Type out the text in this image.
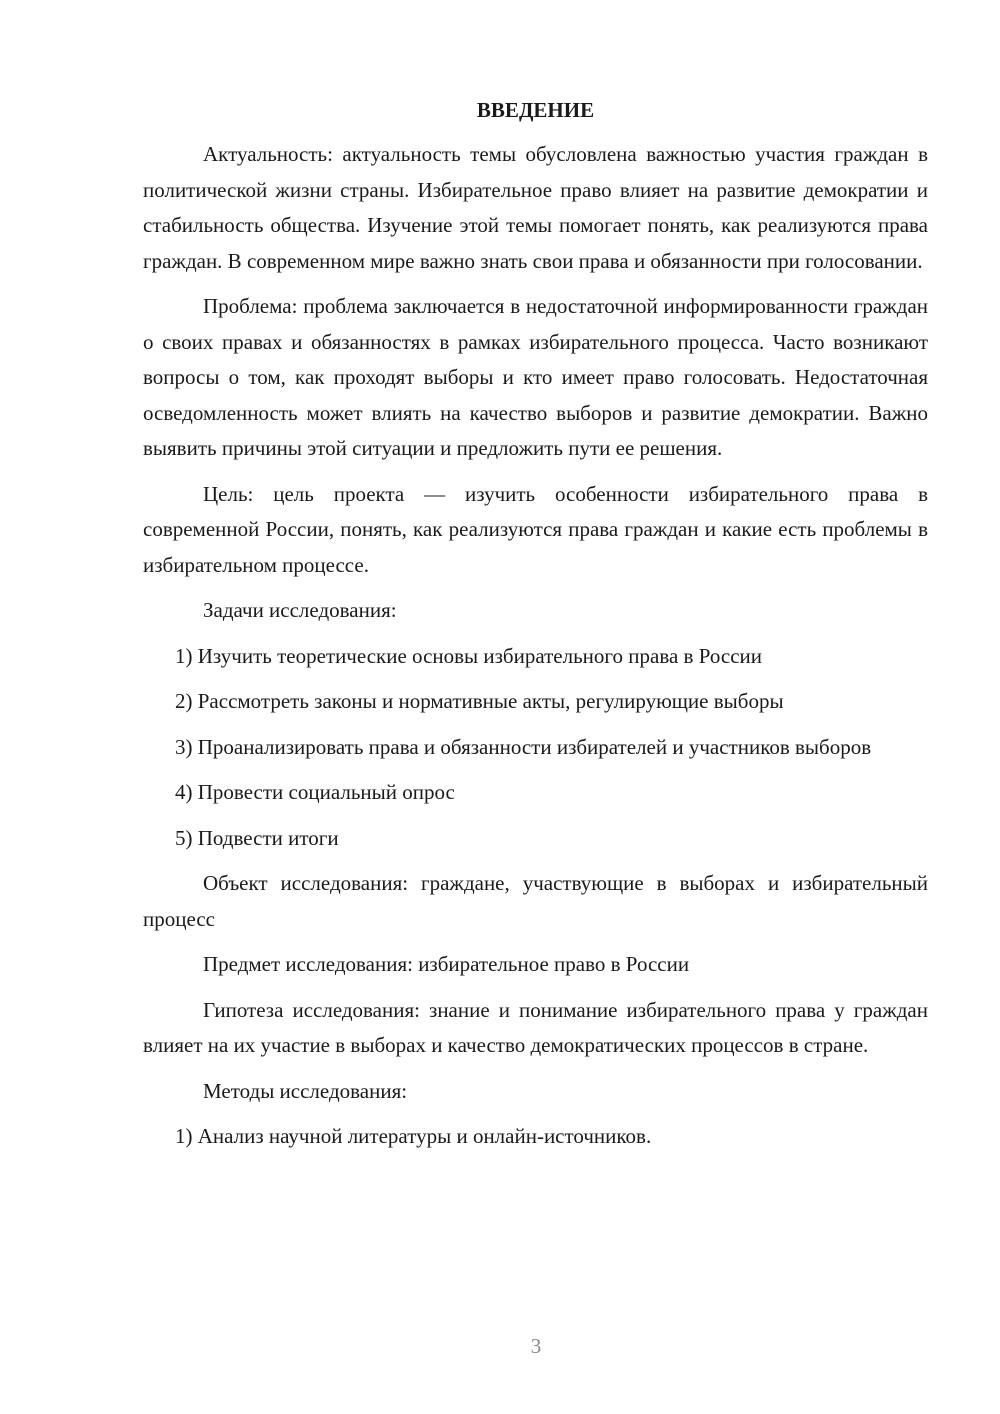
ВВЕДЕНИЕ

Актуальность: актуальность темы обусловлена важностью участия граждан в политической жизни страны. Избирательное право влияет на развитие демократии и стабильность общества. Изучение этой темы помогает понять, как реализуются права граждан. В современном мире важно знать свои права и обязанности при голосовании.

Проблема: проблема заключается в недостаточной информированности граждан о своих правах и обязанностях в рамках избирательного процесса. Часто возникают вопросы о том, как проходят выборы и кто имеет право голосовать. Недостаточная осведомленность может влиять на качество выборов и развитие демократии. Важно выявить причины этой ситуации и предложить пути ее решения.

Цель: цель проекта — изучить особенности избирательного права в современной России, понять, как реализуются права граждан и какие есть проблемы в избирательном процессе.

Задачи исследования:

1) Изучить теоретические основы избирательного права в России

2) Рассмотреть законы и нормативные акты, регулирующие выборы

3) Проанализировать права и обязанности избирателей и участников выборов

4) Провести социальный опрос

5) Подвести итоги

Объект исследования: граждане, участвующие в выборах и избирательный процесс

Предмет исследования: избирательное право в России

Гипотеза исследования: знание и понимание избирательного права у граждан влияет на их участие в выборах и качество демократических процессов в стране.

Методы исследования:

1) Анализ научной литературы и онлайн-источников.

3
